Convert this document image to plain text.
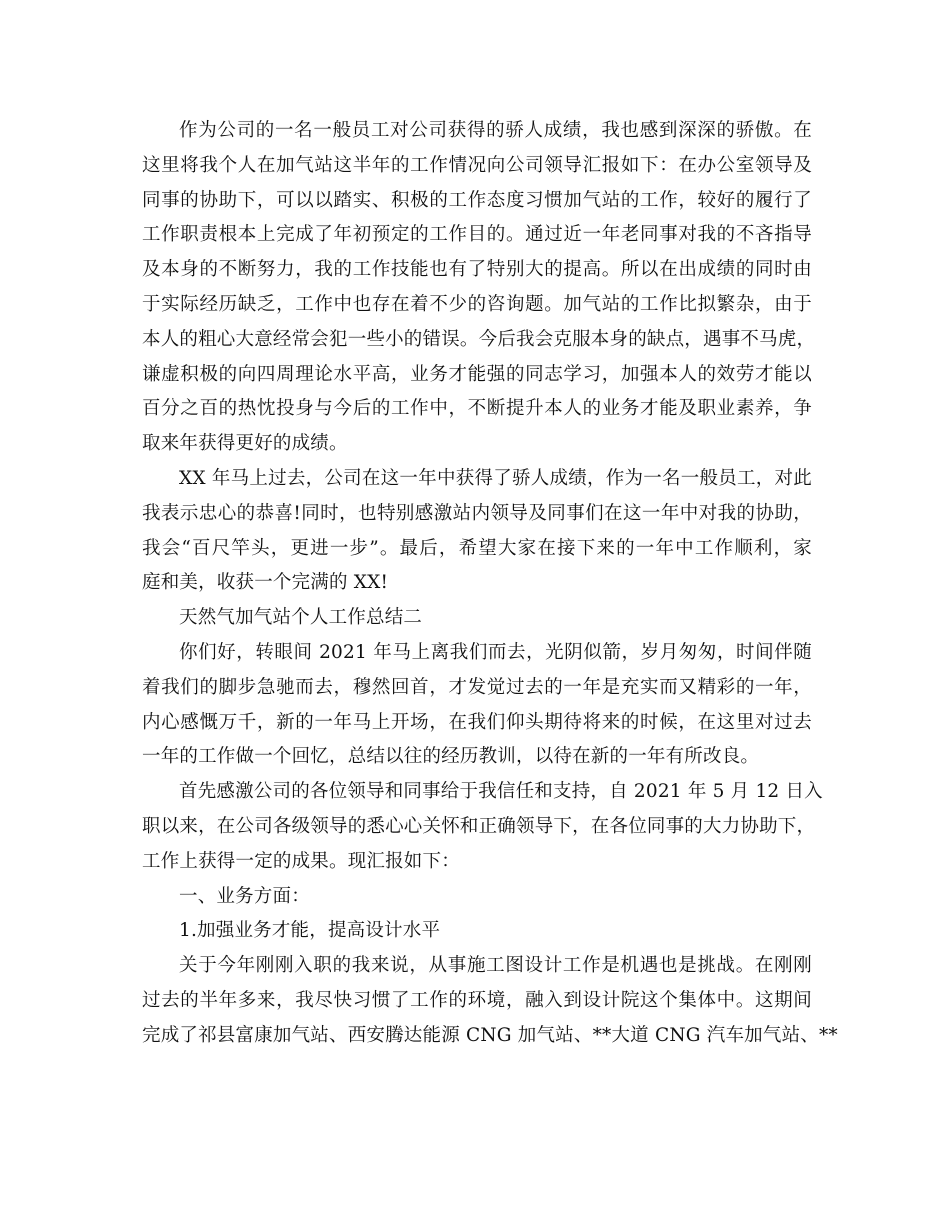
作为公司的一名一般员工对公司获得的骄人成绩，我也感到深深的骄傲。在
这里将我个人在加气站这半年的工作情况向公司领导汇报如下：在办公室领导及
同事的协助下，可以以踏实、积极的工作态度习惯加气站的工作，较好的履行了
工作职责根本上完成了年初预定的工作目的。通过近一年老同事对我的不吝指导
及本身的不断努力，我的工作技能也有了特别大的提高。所以在出成绩的同时由
于实际经历缺乏，工作中也存在着不少的咨询题。加气站的工作比拟繁杂，由于
本人的粗心大意经常会犯一些小的错误。今后我会克服本身的缺点，遇事不马虎，
谦虚积极的向四周理论水平高，业务才能强的同志学习，加强本人的效劳才能以
百分之百的热忱投身与今后的工作中，不断提升本人的业务才能及职业素养，争
取来年获得更好的成绩。
XX 年马上过去，公司在这一年中获得了骄人成绩，作为一名一般员工，对此
我表示忠心的恭喜!同时，也特别感激站内领导及同事们在这一年中对我的协助，
我会“百尺竿头，更进一步”。最后，希望大家在接下来的一年中工作顺利，家
庭和美，收获一个完满的 XX!
天然气加气站个人工作总结二
你们好，转眼间 2021 年马上离我们而去，光阴似箭，岁月匆匆，时间伴随
着我们的脚步急驰而去，穆然回首，才发觉过去的一年是充实而又精彩的一年，
内心感慨万千，新的一年马上开场，在我们仰头期待将来的时候，在这里对过去
一年的工作做一个回忆，总结以往的经历教训，以待在新的一年有所改良。
首先感激公司的各位领导和同事给于我信任和支持，自 2021 年 5 月 12 日入
职以来，在公司各级领导的悉心心关怀和正确领导下，在各位同事的大力协助下，
工作上获得一定的成果。现汇报如下：
一、业务方面：
1.加强业务才能，提高设计水平
关于今年刚刚入职的我来说，从事施工图设计工作是机遇也是挑战。在刚刚
过去的半年多来，我尽快习惯了工作的环境，融入到设计院这个集体中。这期间
完成了祁县富康加气站、西安腾达能源 CNG 加气站、**大道 CNG 汽车加气站、**
